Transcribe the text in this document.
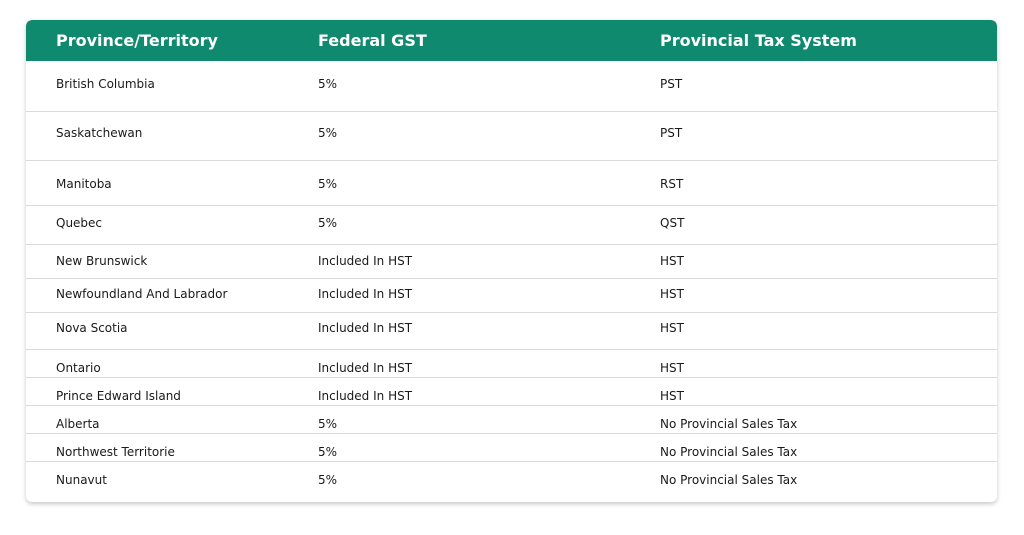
Province/Territory	Federal GST	Provincial Tax System
British Columbia	5%	PST
Saskatchewan	5%	PST
Manitoba	5%	RST
Quebec	5%	QST
New Brunswick	Included In HST	HST
Newfoundland And Labrador	Included In HST	HST
Nova Scotia	Included In HST	HST
Ontario	Included In HST	HST
Prince Edward Island	Included In HST	HST
Alberta	5%	No Provincial Sales Tax
Northwest Territorie	5%	No Provincial Sales Tax
Nunavut	5%	No Provincial Sales Tax
